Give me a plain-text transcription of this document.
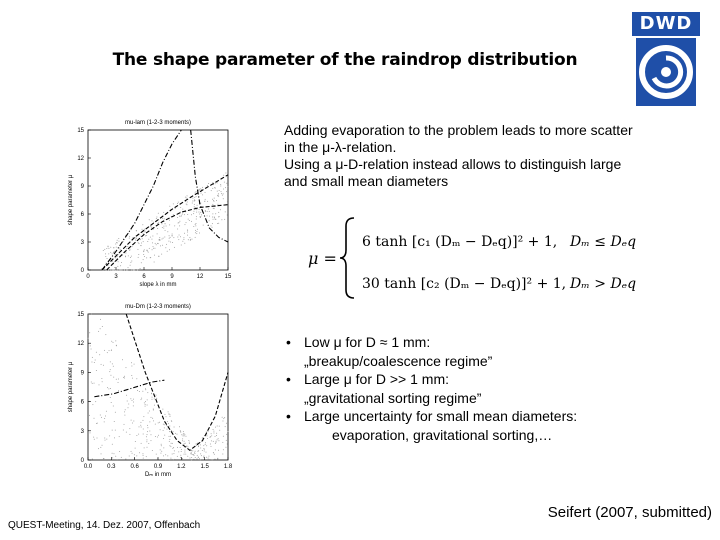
The shape parameter of the raindrop distribution
DWD
mu-lam (1-2-3 moments)
0	3	6	9	12	15
0
3
6
9
12
15
slope λ in mm
shape parameter μ
mu-Dm (1-2-3 moments)
0.0 0.3 0.6 0.9 1.2 1.5 1.8
0
3
6
9
12
15
Dₘ in mm
shape parameter μ
Adding evaporation to the problem leads to more scatter
in the μ-λ-relation.
Using a μ-D-relation instead allows to distinguish large
and small mean diameters
μ =
6 tanh [c₁ (Dₘ − Dₑq)]² + 1, Dₘ ≤ Dₑq
30 tanh [c₂ (Dₘ − Dₑq)]² + 1, Dₘ > Dₑq
• Low μ for D ≈ 1 mm:
„breakup/coalescence regime”
• Large μ for D >> 1 mm:
„gravitational sorting regime”
• Large uncertainty for small mean diameters:
evaporation, gravitational sorting,…
QUEST-Meeting, 14. Dez. 2007, Offenbach
Seifert (2007, submitted)
